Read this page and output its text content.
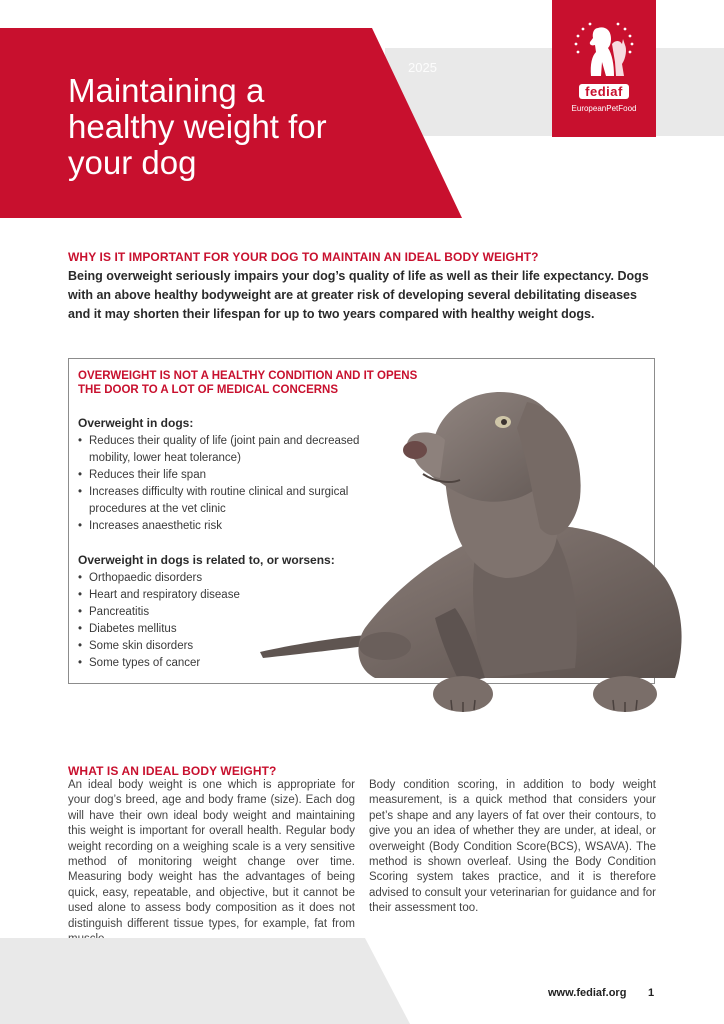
2025
Maintaining a healthy weight for your dog
fediaf
EuropeanPetFood
WHY IS IT IMPORTANT FOR YOUR DOG TO MAINTAIN AN IDEAL BODY WEIGHT?

Being overweight seriously impairs your dog’s quality of life as well as their life expectancy. Dogs with an above healthy bodyweight are at greater risk of developing several debilitating diseases and it may shorten their lifespan for up to two years compared with healthy weight dogs.

OVERWEIGHT IS NOT A HEALTHY CONDITION AND IT OPENS THE DOOR TO A LOT OF MEDICAL CONCERNS
Overweight in dogs:
• Reduces their quality of life (joint pain and decreased mobility, lower heat tolerance)
• Reduces their life span
• Increases difficulty with routine clinical and surgical procedures at the vet clinic
• Increases anaesthetic risk
Overweight in dogs is related to, or worsens:
• Orthopaedic disorders
• Heart and respiratory disease
• Pancreatitis
• Diabetes mellitus
• Some skin disorders
• Some types of cancer
WHAT IS AN IDEAL BODY WEIGHT?

An ideal body weight is one which is appropriate for your dog’s breed, age and body frame (size). Each dog will have their own ideal body weight and maintaining this weight is important for overall health. Regular body weight recording on a weighing scale is a very sensitive method of monitoring weight change over time. Measuring body weight has the advantages of being quick, easy, repeatable, and objective, but it cannot be used alone to assess body composition as it does not distinguish different tissue types, for example, fat from

Body condition scoring, in addition to body weight measurement, is a quick method that considers your pet’s shape and any layers of fat over their contours, to give you an idea of whether they are under, at ideal, or overweight (Body Condition Score(BCS), WSAVA). The method is shown overleaf. Using the Body Condition Scoring system takes practice, and it is therefore advised to consult your veterinarian for guidance and for their assessment too.

www.fediaf.org 1
